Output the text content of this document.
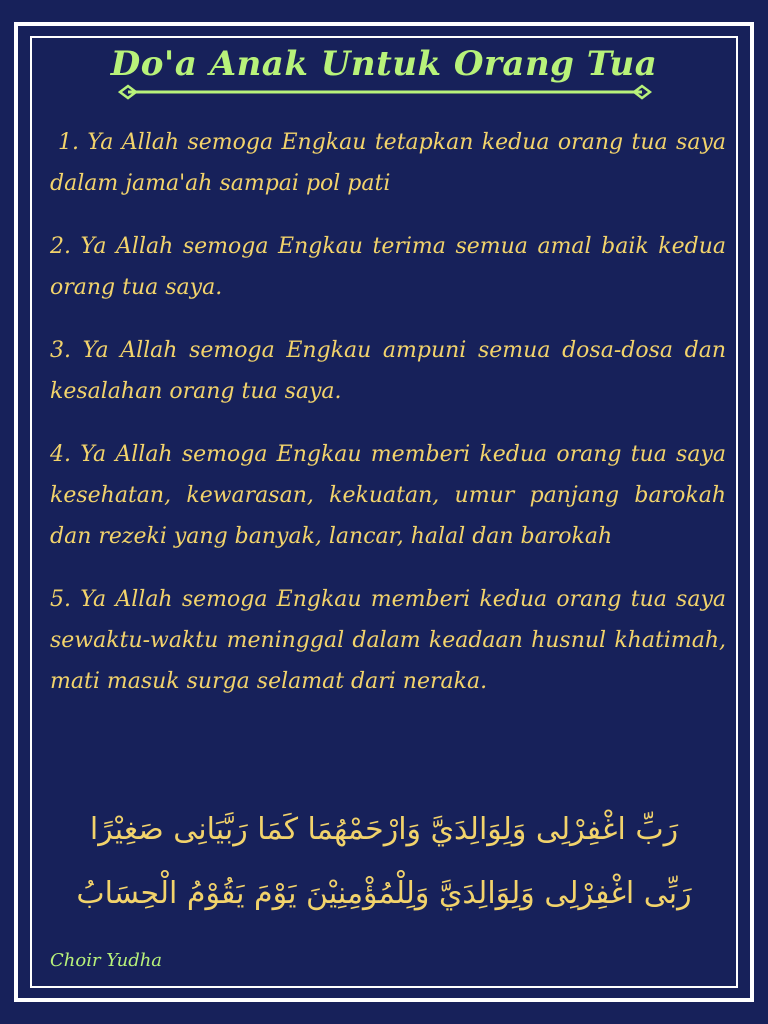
Do'a Anak Untuk Orang Tua

1. Ya Allah semoga Engkau tetapkan kedua orang tua saya dalam jama'ah sampai pol pati

2. Ya Allah semoga Engkau terima semua amal baik kedua orang tua saya.

3. Ya Allah semoga Engkau ampuni semua dosa-dosa dan kesalahan orang tua saya.

4. Ya Allah semoga Engkau memberi kedua orang tua saya kesehatan, kewarasan, kekuatan, umur panjang barokah dan rezeki yang banyak, lancar, halal dan barokah

5. Ya Allah semoga Engkau memberi kedua orang tua saya sewaktu-waktu meninggal dalam keadaan husnul khatimah, mati masuk surga selamat dari neraka.

رَبِّ اغْفِرْلِى وَلِوَالِدَيَّ وَارْحَمْهُمَا كَمَا رَبَّيَانِى صَغِيْرًا
رَبِّى اغْفِرْلِى وَلِوَالِدَيَّ وَلِلْمُؤْمِنِيْنَ يَوْمَ يَقُوْمُ الْحِسَابُ
Choir Yudha
